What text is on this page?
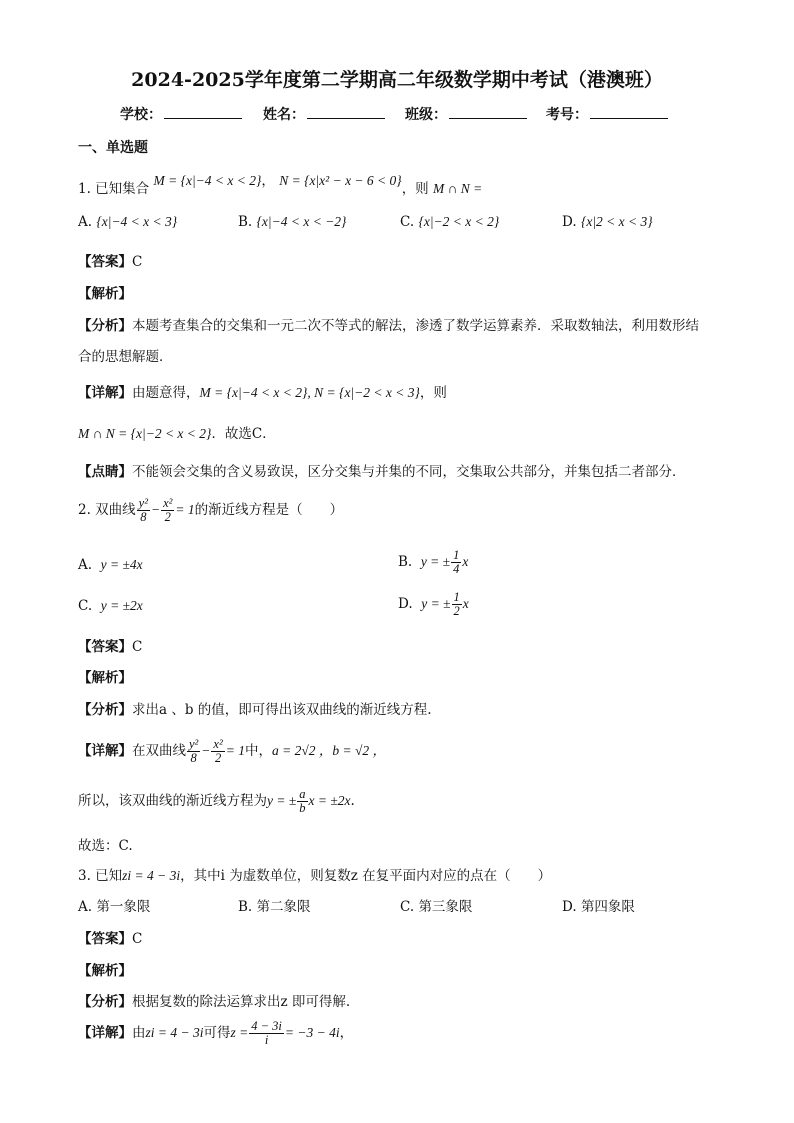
2024-2025学年度第二学期高二年级数学期中考试（港澳班）
学校：	姓名：	班级：	考号：
一、单选题
1. 已知集合 M = {x|−4 < x < 2}， N = {x|x² − x − 6 < 0}，则 M ∩ N =
A. {x|−4 < x < 3}	B. {x|−4 < x < −2}	C. {x|−2 < x < 2}	D. {x|2 < x < 3}
【答案】C
【解析】
【分析】本题考查集合的交集和一元二次不等式的解法，渗透了数学运算素养．采取数轴法，利用数形结
合的思想解题．
【详解】由题意得，M = {x|−4 < x < 2}, N = {x|−2 < x < 3}，则
M ∩ N = {x|−2 < x < 2}．故选C．
【点睛】不能领会交集的含义易致误，区分交集与并集的不同，交集取公共部分，并集包括二者部分．
2. 双曲线 $\frac{\text{y²}}{8} - \frac{\text{x²}}{2} = 1$的渐近线方程是（　　）
A. y = ±4x	B. y = ± $\frac{1}{4}$ x
C. y = ±2x	D. y = ± $\frac{1}{2}$ x
【答案】C
【解析】
【分析】求出a 、b 的值，即可得出该双曲线的渐近线方程.
【详解】在双曲线 $\frac{\text{y²}}{8} - \frac{\text{x²}}{2} = 1$中，a = 2√2 ，b = √2 ，
所以，该双曲线的渐近线方程为y = ± $\frac{a}{b}$ x = ±2x.
故选：C.
3. 已知zi = 4 − 3i，其中i 为虚数单位，则复数z 在复平面内对应的点在（　　）
A. 第一象限	B. 第二象限	C. 第三象限	D. 第四象限
【答案】C
【解析】
【分析】根据复数的除法运算求出z 即可得解.
【详解】由zi = 4 − 3i可得$z = \frac{4 - 3i}{i} = -3 - 4i$，
